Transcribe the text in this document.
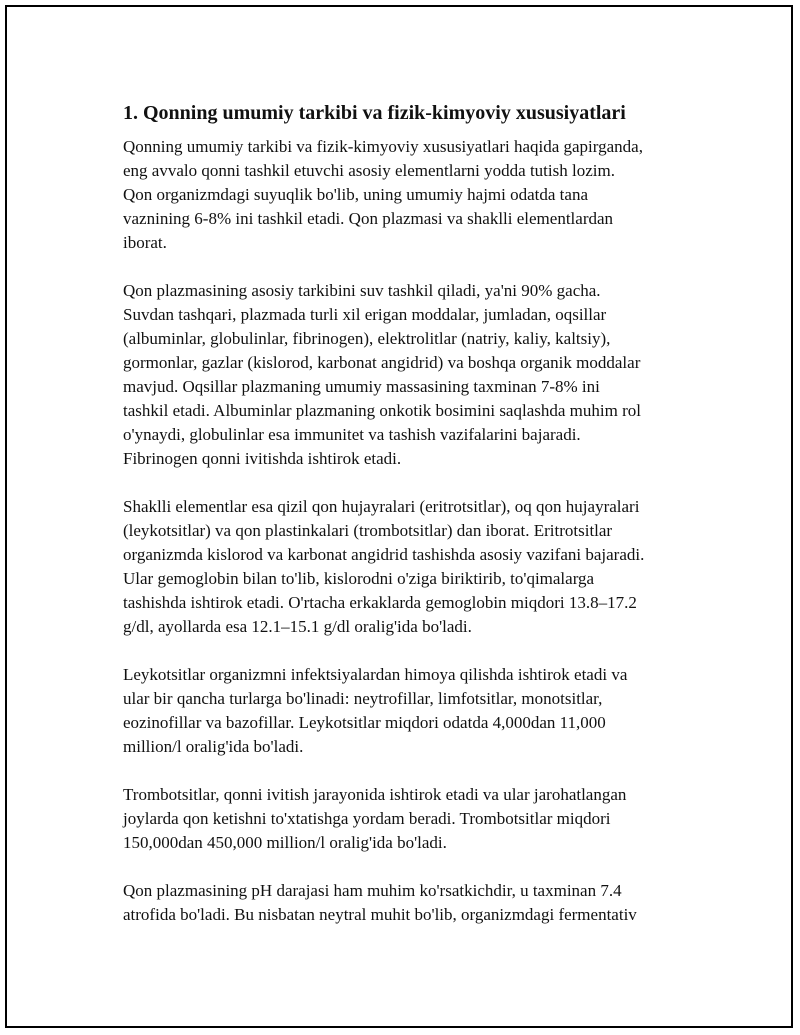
1. Qonning umumiy tarkibi va fizik-kimyoviy xususiyatlari
Qonning umumiy tarkibi va fizik-kimyoviy xususiyatlari haqida gapirganda,
eng avvalo qonni tashkil etuvchi asosiy elementlarni yodda tutish lozim.
Qon organizmdagi suyuqlik bo'lib, uning umumiy hajmi odatda tana
vaznining 6-8% ini tashkil etadi. Qon plazmasi va shaklli elementlardan
iborat.
Qon plazmasining asosiy tarkibini suv tashkil qiladi, ya'ni 90% gacha.
Suvdan tashqari, plazmada turli xil erigan moddalar, jumladan, oqsillar
(albuminlar, globulinlar, fibrinogen), elektrolitlar (natriy, kaliy, kaltsiy),
gormonlar, gazlar (kislorod, karbonat angidrid) va boshqa organik moddalar
mavjud. Oqsillar plazmaning umumiy massasining taxminan 7-8% ini
tashkil etadi. Albuminlar plazmaning onkotik bosimini saqlashda muhim rol
o'ynaydi, globulinlar esa immunitet va tashish vazifalarini bajaradi.
Fibrinogen qonni ivitishda ishtirok etadi.
Shaklli elementlar esa qizil qon hujayralari (eritrotsitlar), oq qon hujayralari
(leykotsitlar) va qon plastinkalari (trombotsitlar) dan iborat. Eritrotsitlar
organizmda kislorod va karbonat angidrid tashishda asosiy vazifani bajaradi.
Ular gemoglobin bilan to'lib, kislorodni o'ziga biriktirib, to'qimalarga
tashishda ishtirok etadi. O'rtacha erkaklarda gemoglobin miqdori 13.8–17.2
g/dl, ayollarda esa 12.1–15.1 g/dl oralig'ida bo'ladi.
Leykotsitlar organizmni infektsiyalardan himoya qilishda ishtirok etadi va
ular bir qancha turlarga bo'linadi: neytrofillar, limfotsitlar, monotsitlar,
eozinofillar va bazofillar. Leykotsitlar miqdori odatda 4,000dan 11,000
million/l oralig'ida bo'ladi.
Trombotsitlar, qonni ivitish jarayonida ishtirok etadi va ular jarohatlangan
joylarda qon ketishni to'xtatishga yordam beradi. Trombotsitlar miqdori
150,000dan 450,000 million/l oralig'ida bo'ladi.
Qon plazmasining pH darajasi ham muhim ko'rsatkichdir, u taxminan 7.4
atrofida bo'ladi. Bu nisbatan neytral muhit bo'lib, organizmdagi fermentativ
